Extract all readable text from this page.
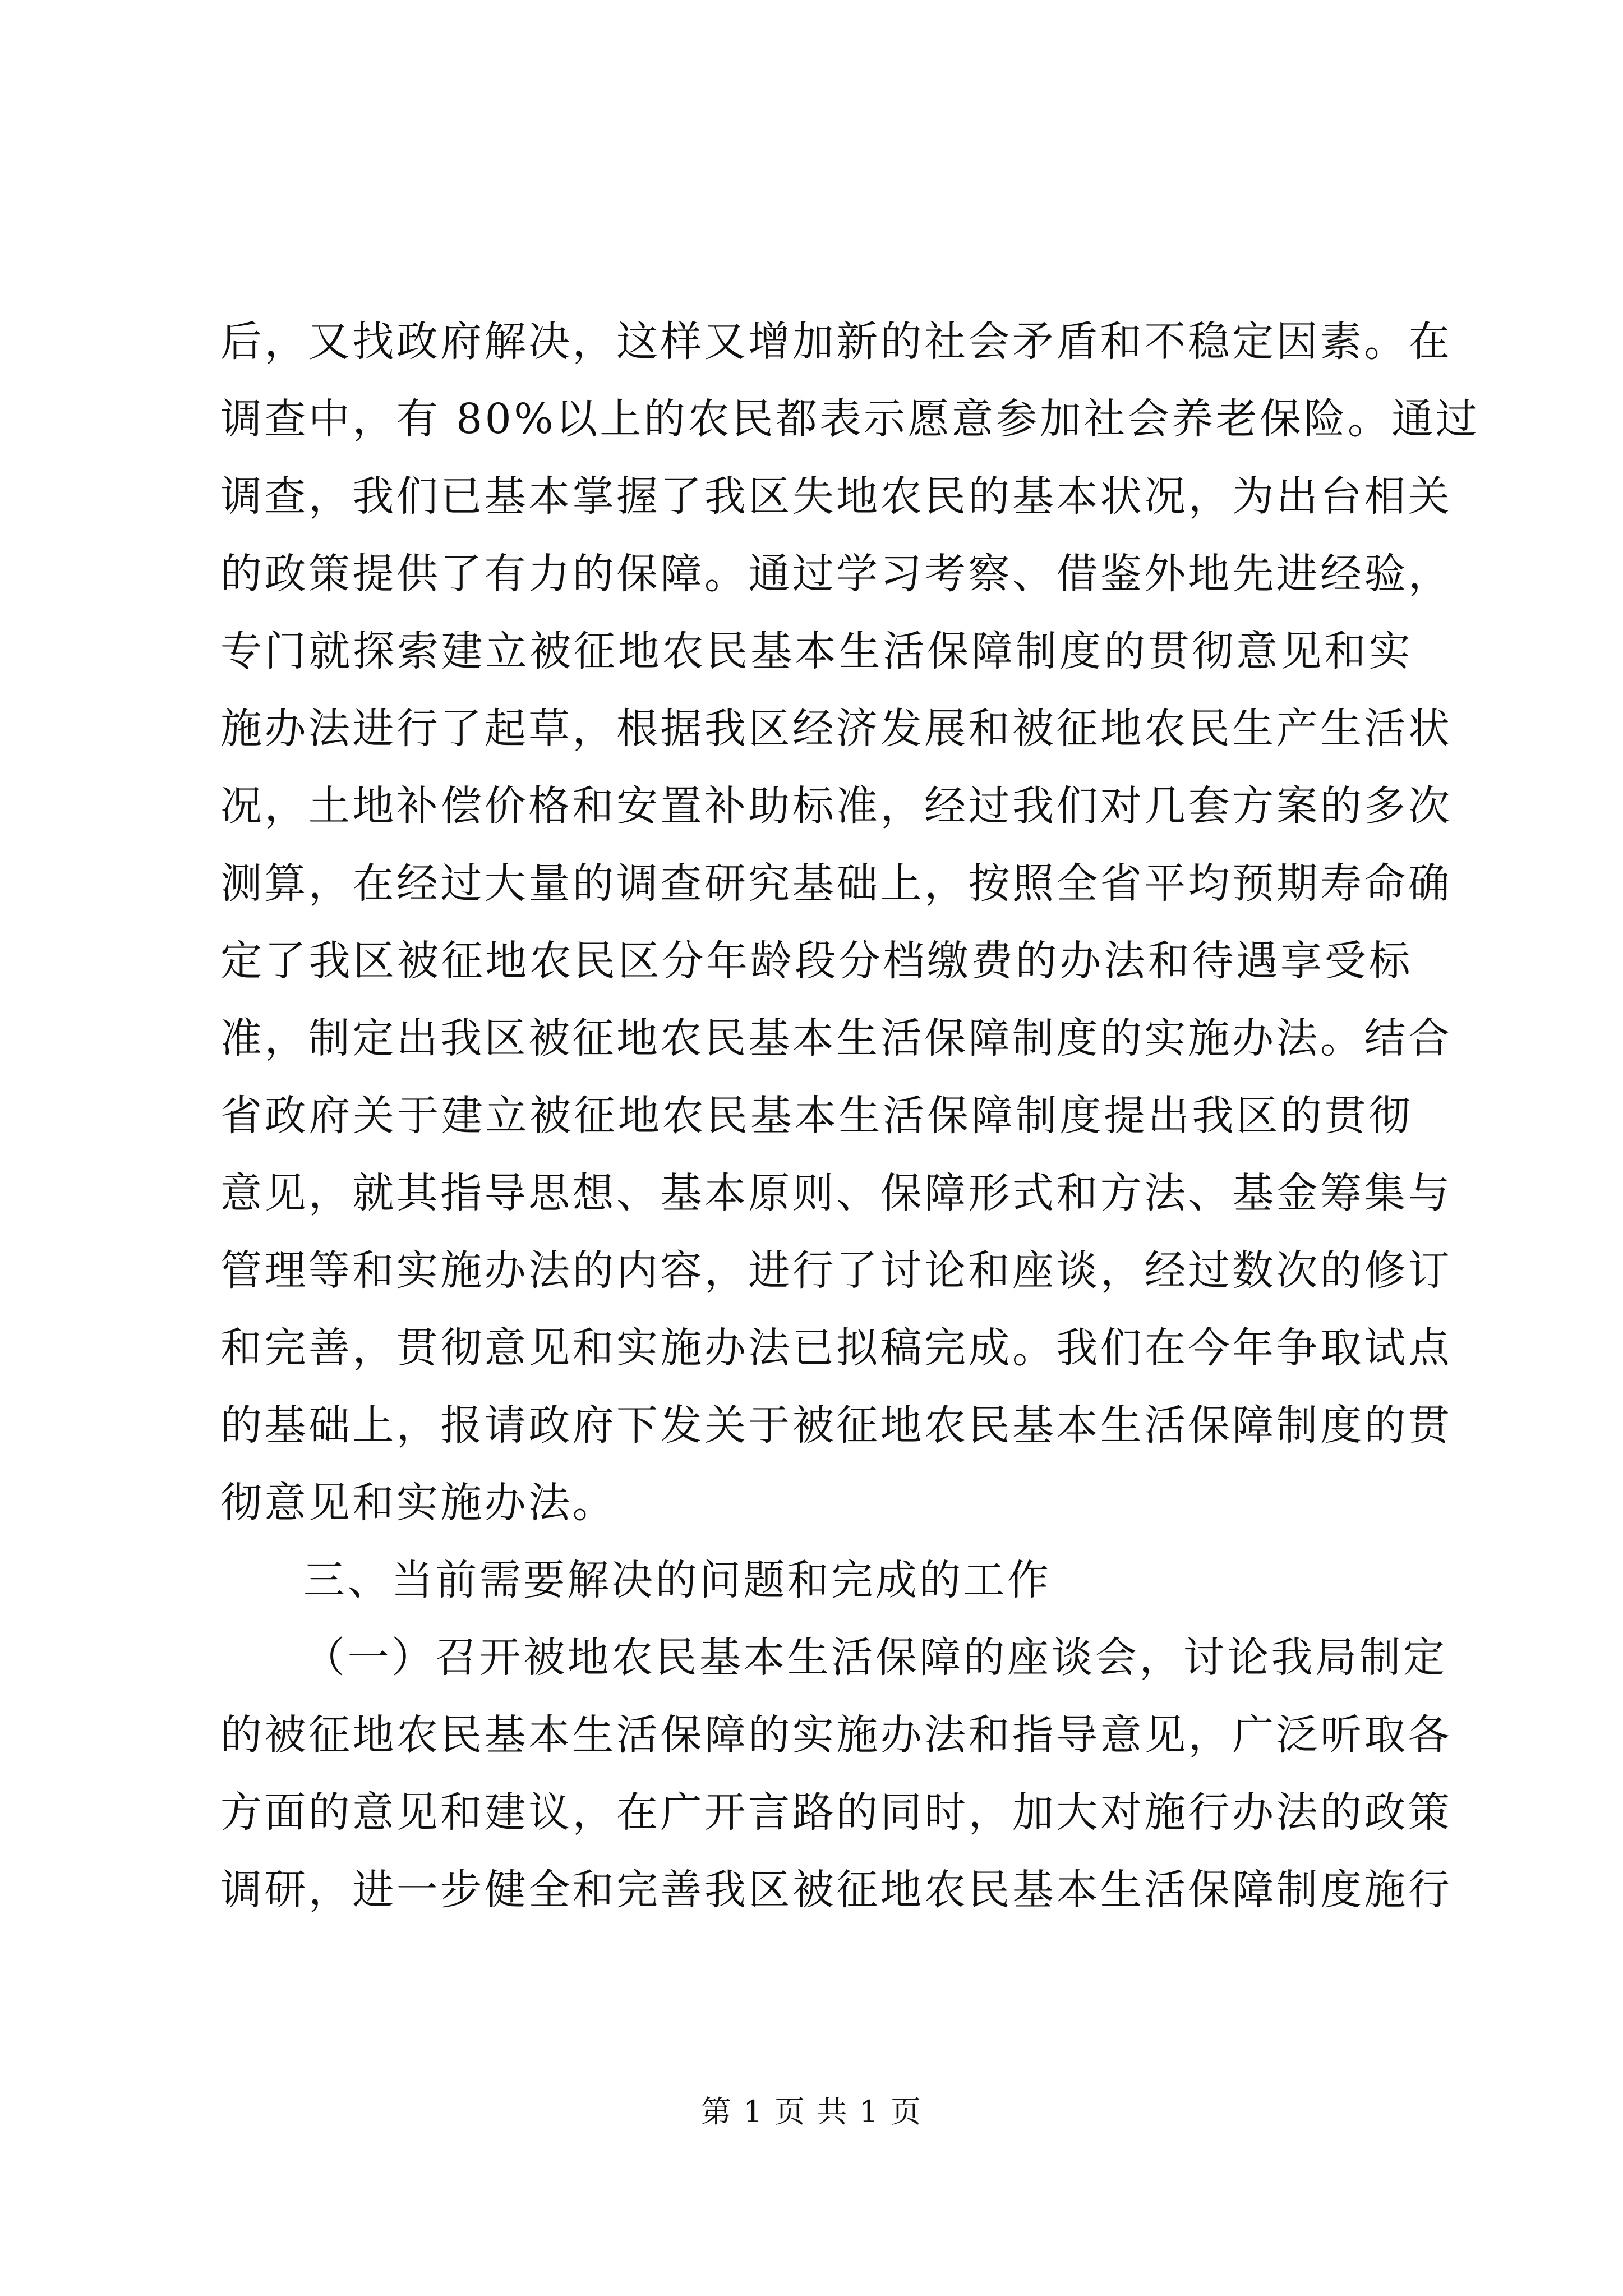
后，又找政府解决，这样又增加新的社会矛盾和不稳定因素。在
调查中，有 80%以上的农民都表示愿意参加社会养老保险。通过
调查，我们已基本掌握了我区失地农民的基本状况，为出台相关
的政策提供了有力的保障。通过学习考察、借鉴外地先进经验，
专门就探索建立被征地农民基本生活保障制度的贯彻意见和实
施办法进行了起草，根据我区经济发展和被征地农民生产生活状
况，土地补偿价格和安置补助标准，经过我们对几套方案的多次
测算，在经过大量的调查研究基础上，按照全省平均预期寿命确
定了我区被征地农民区分年龄段分档缴费的办法和待遇享受标
准，制定出我区被征地农民基本生活保障制度的实施办法。结合
省政府关于建立被征地农民基本生活保障制度提出我区的贯彻
意见，就其指导思想、基本原则、保障形式和方法、基金筹集与
管理等和实施办法的内容，进行了讨论和座谈，经过数次的修订
和完善，贯彻意见和实施办法已拟稿完成。我们在今年争取试点
的基础上，报请政府下发关于被征地农民基本生活保障制度的贯
彻意见和实施办法。
三、当前需要解决的问题和完成的工作
（一）召开被地农民基本生活保障的座谈会，讨论我局制定
的被征地农民基本生活保障的实施办法和指导意见，广泛听取各
方面的意见和建议，在广开言路的同时，加大对施行办法的政策
调研，进一步健全和完善我区被征地农民基本生活保障制度施行
第 1 页 共 1 页
